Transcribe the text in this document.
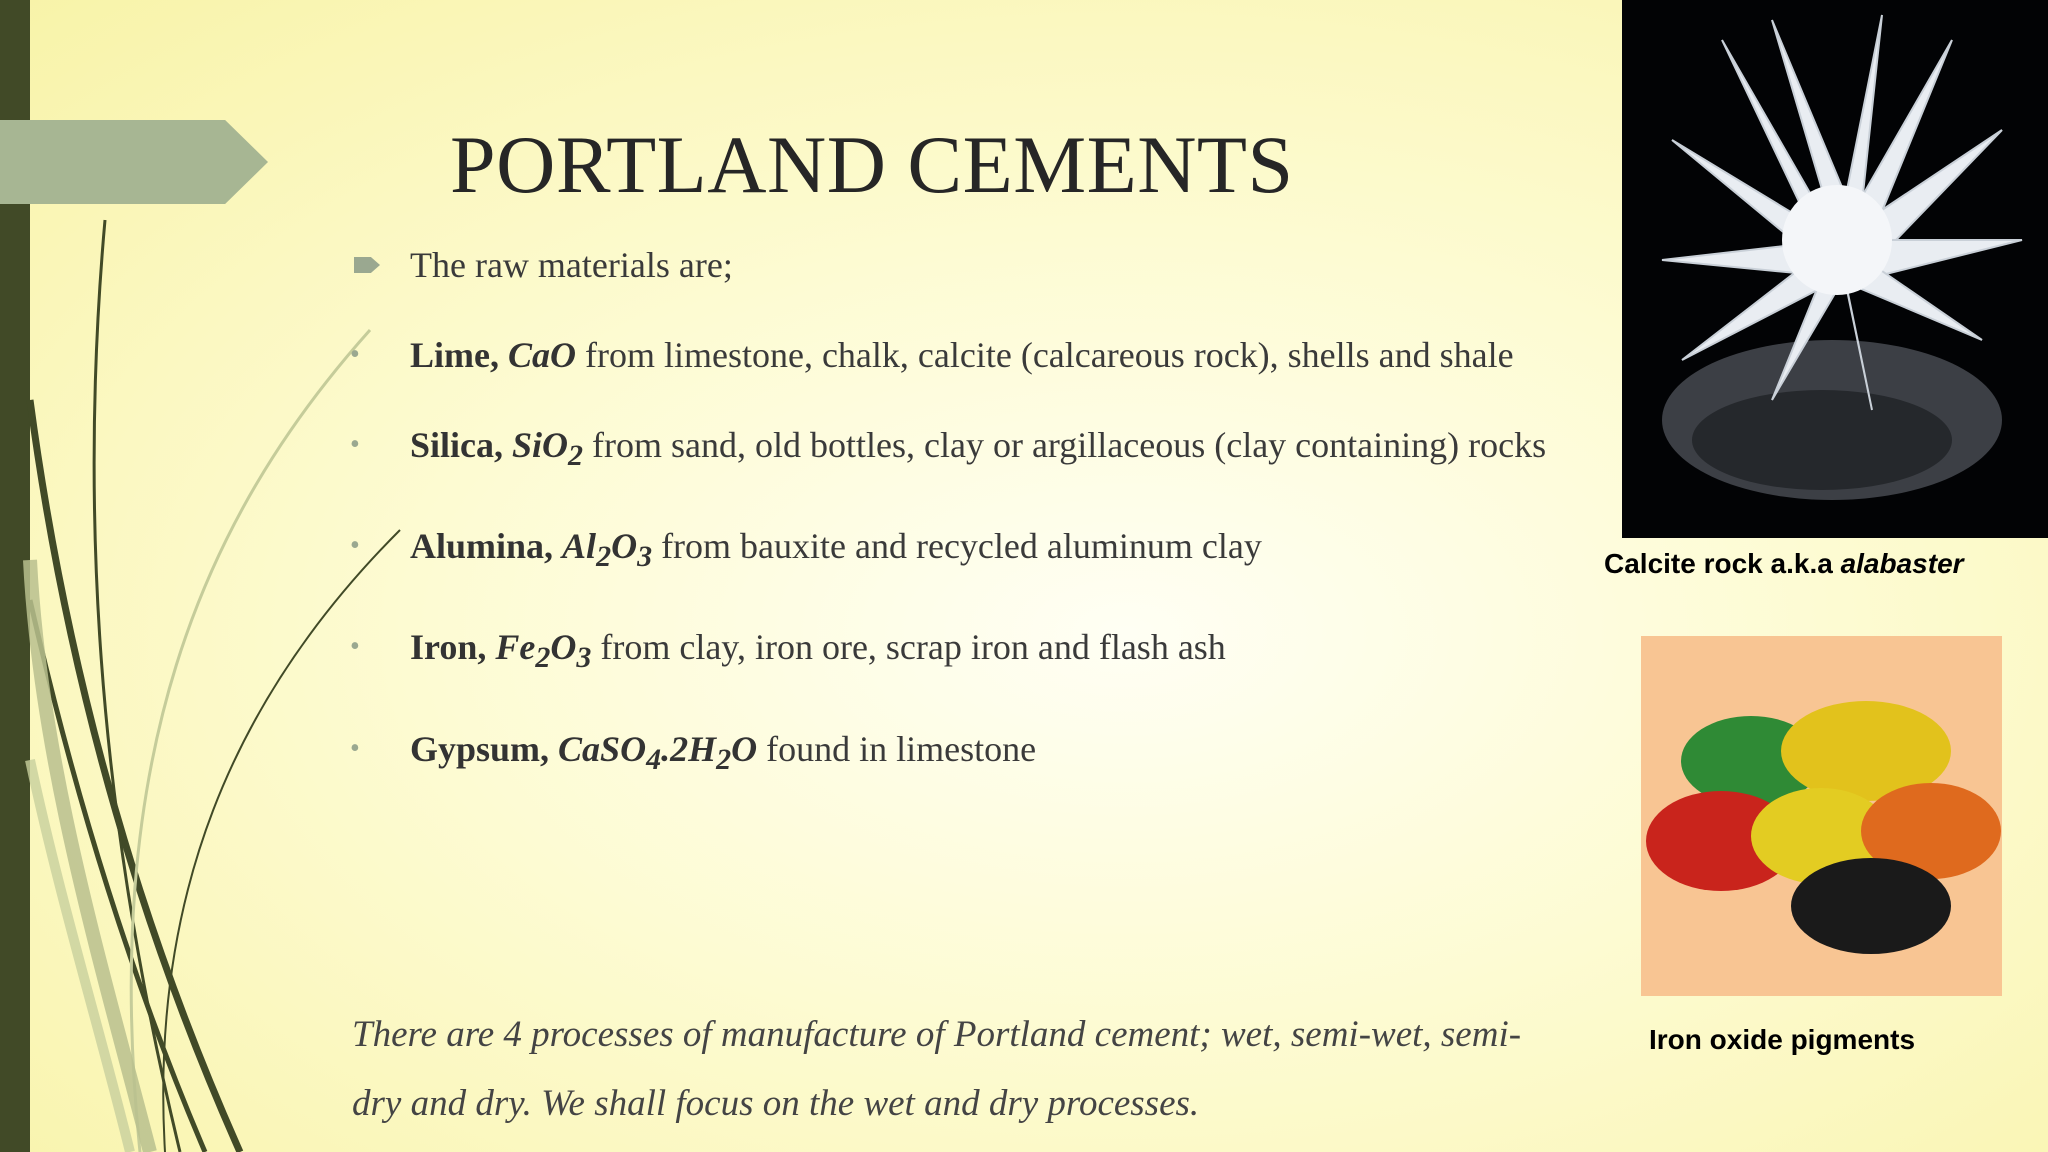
PORTLAND CEMENTS
The raw materials are;
• Lime, CaO from limestone, chalk, calcite (calcareous rock), shells and shale
• Silica, SiO$_2$ from sand, old bottles, clay or argillaceous (clay containing) rocks
• Alumina, $Al_2O_3$ from bauxite and recycled aluminum clay
• Iron, $Fe_2O_3$ from clay, iron ore, scrap iron and flash ash
• Gypsum, $CaSO_4.2H_2O$ found in limestone
There are 4 processes of manufacture of Portland cement; wet, semi-wet, semi-dry and dry. We shall focus on the wet and dry processes.
Calcite rock a.k.a alabaster
Iron oxide pigments
